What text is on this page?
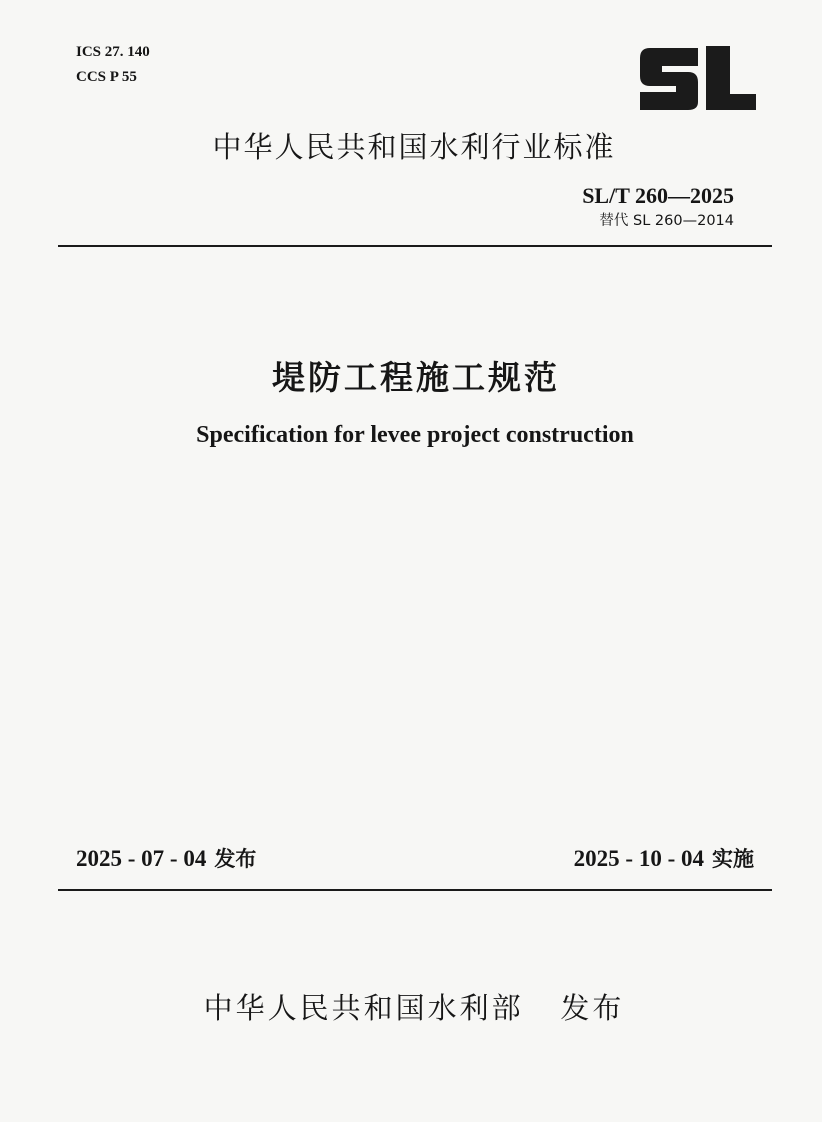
ICS 27. 140
CCS P 55
中华人民共和国水利行业标准
SL/T 260—2025
替代 SL 260—2014
堤防工程施工规范
Specification for levee project construction
2025 - 07 - 04 发布	2025 - 10 - 04 实施
中华人民共和国水利部 发布
